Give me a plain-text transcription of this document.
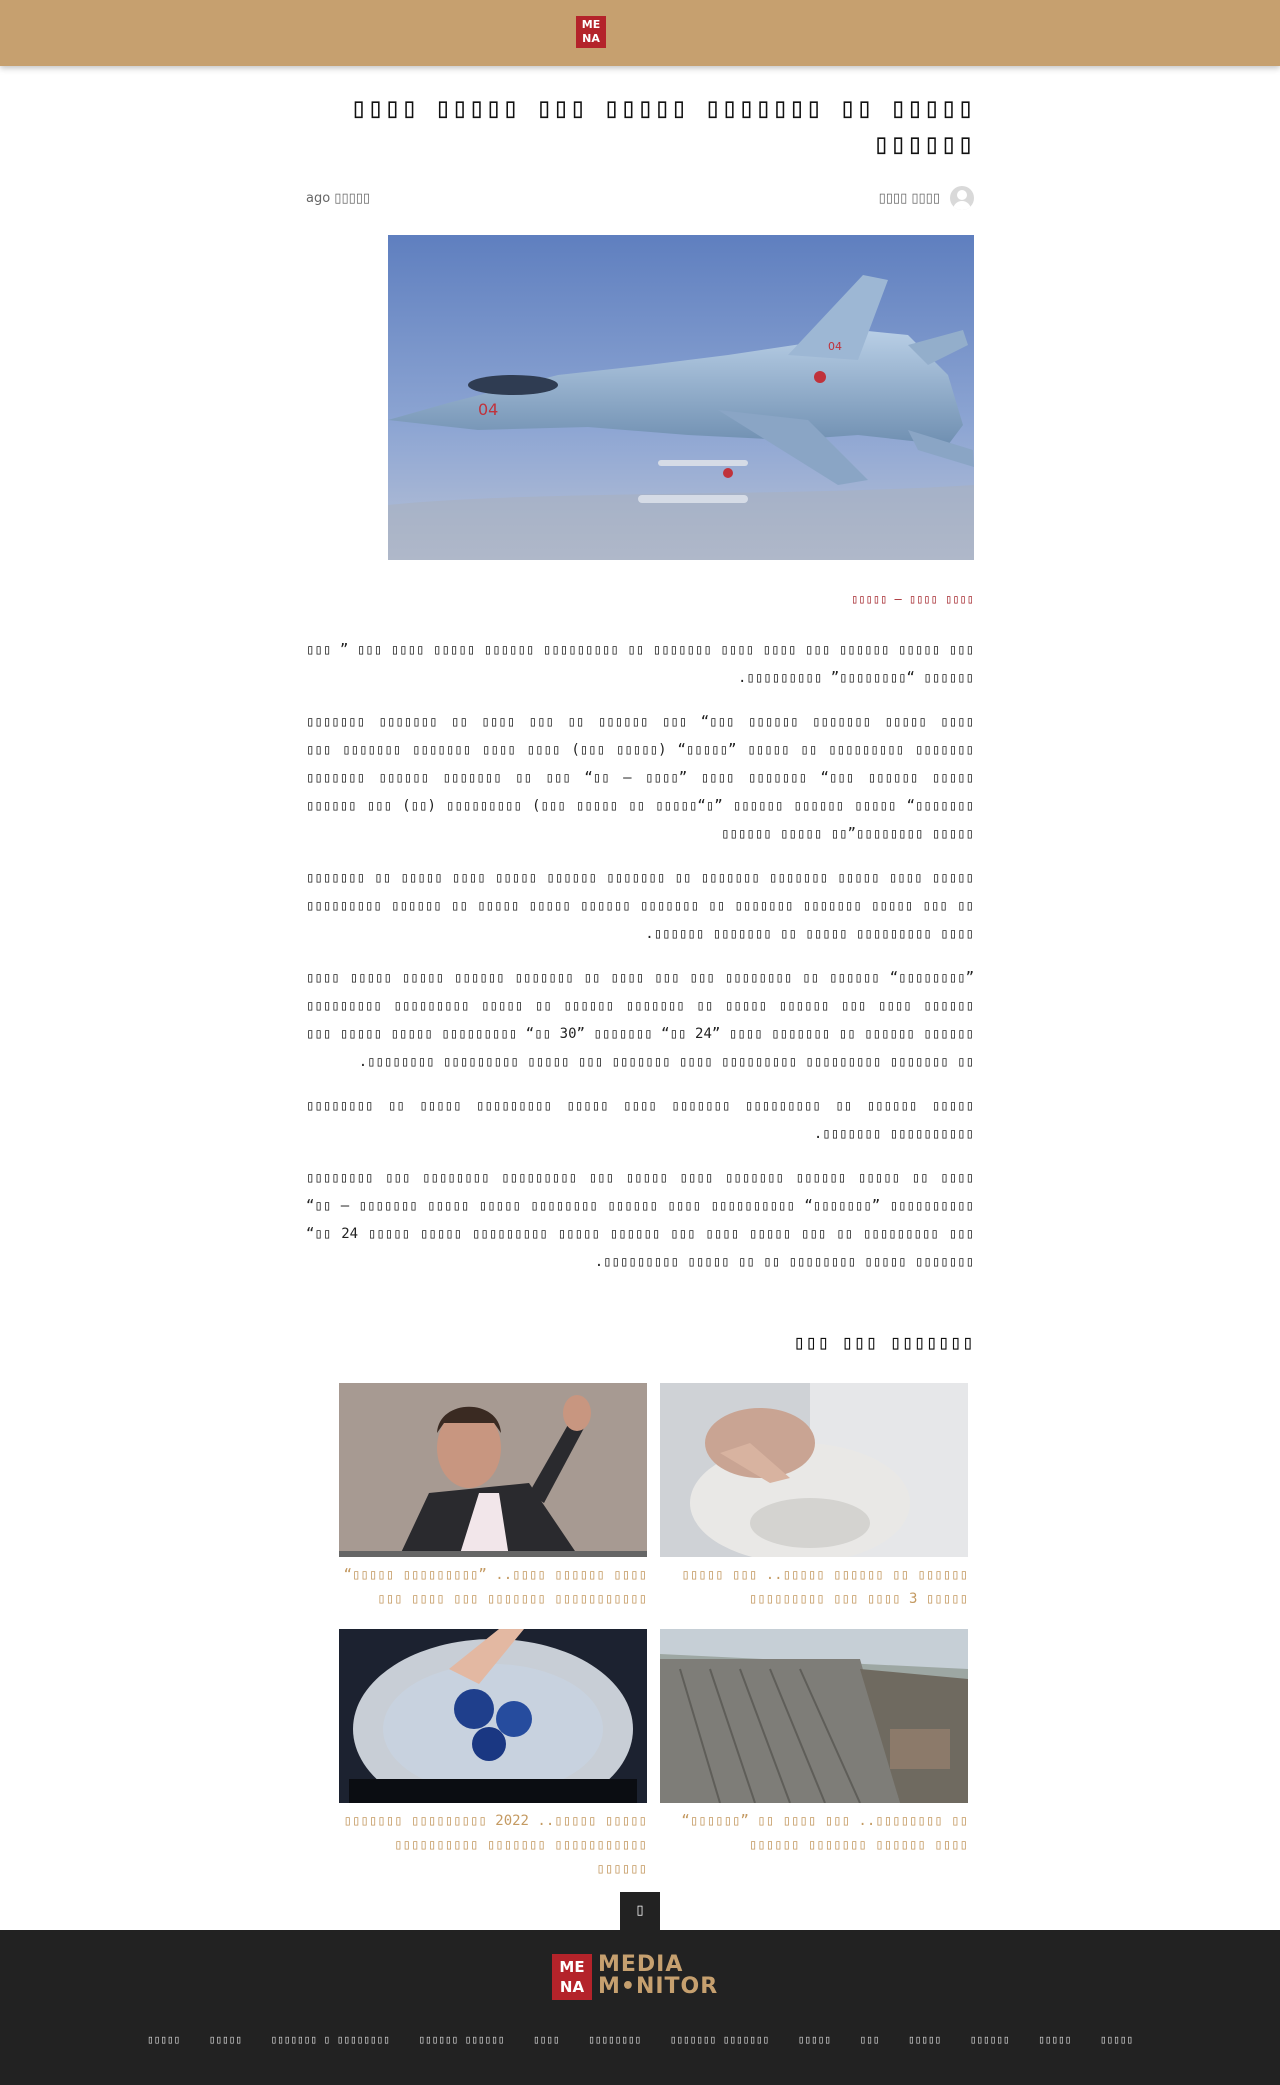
ME NA
▯▯▯▯▯ ▯▯ ▯▯▯▯▯▯▯ ▯▯▯▯▯ ▯▯▯ ▯▯▯▯▯ ▯▯▯▯ ▯▯▯▯▯▯
ago ▯▯▯▯▯	▯▯▯▯ ▯▯▯▯
04
04
▯▯▯▯▯ – ▯▯▯▯ ▯▯▯▯

▯▯▯ ▯▯▯▯▯ ▯▯▯▯▯▯ ▯▯▯ ▯▯▯▯ ▯▯▯▯ ▯▯▯▯▯▯▯ ▯▯ ▯▯▯▯▯▯▯▯▯ ▯▯▯▯▯▯ ▯▯▯▯▯ ▯▯▯▯ ▯▯▯ ” ▯▯▯ ▯▯▯▯▯▯ “▯▯▯▯▯▯▯▯” ▯▯▯▯▯▯▯▯▯.

▯▯▯▯ ▯▯▯▯▯ ▯▯▯▯▯▯▯ ▯▯▯▯▯▯ ▯▯▯“ ▯▯▯ ▯▯▯▯▯▯ ▯▯ ▯▯▯ ▯▯▯▯ ▯▯ ▯▯▯▯▯▯▯ ▯▯▯▯▯▯▯ ▯▯▯▯▯▯▯ ▯▯▯▯▯▯▯▯▯ ▯▯ ▯▯▯▯▯ ”▯▯▯▯▯“ (▯▯▯▯▯ ▯▯▯) ▯▯▯▯ ▯▯▯▯ ▯▯▯▯▯▯▯ ▯▯▯▯▯▯▯ ▯▯▯ ▯▯▯▯▯ ▯▯▯▯▯▯ ▯▯▯“ ▯▯▯▯▯▯▯ ▯▯▯▯ ”▯▯▯▯ – ▯▯“ ▯▯▯ ▯▯ ▯▯▯▯▯▯▯ ▯▯▯▯▯▯ ▯▯▯▯▯▯▯ ▯▯▯▯▯▯▯“ ▯▯▯▯▯ ▯▯▯▯▯▯ ▯▯▯▯▯▯ ”▯“▯▯▯▯▯ ▯▯ ▯▯▯▯▯ ▯▯▯) ▯▯▯▯▯▯▯▯▯ (▯▯) ▯▯▯ ▯▯▯▯▯▯ ▯▯▯▯▯ ▯▯▯▯▯▯▯▯”▯▯ ▯▯▯▯▯ ▯▯▯▯▯▯

▯▯▯▯▯ ▯▯▯▯ ▯▯▯▯▯ ▯▯▯▯▯▯▯ ▯▯▯▯▯▯▯ ▯▯ ▯▯▯▯▯▯▯ ▯▯▯▯▯▯ ▯▯▯▯▯ ▯▯▯▯ ▯▯▯▯▯ ▯▯ ▯▯▯▯▯▯▯ ▯▯ ▯▯▯ ▯▯▯▯▯ ▯▯▯▯▯▯▯ ▯▯▯▯▯▯▯ ▯▯ ▯▯▯▯▯▯▯ ▯▯▯▯▯▯ ▯▯▯▯▯ ▯▯▯▯▯ ▯▯ ▯▯▯▯▯▯ ▯▯▯▯▯▯▯▯▯ ▯▯▯▯ ▯▯▯▯▯▯▯▯▯ ▯▯▯▯▯ ▯▯ ▯▯▯▯▯▯▯ ▯▯▯▯▯▯.

”▯▯▯▯▯▯▯▯“ ▯▯▯▯▯▯ ▯▯ ▯▯▯▯▯▯▯▯ ▯▯▯ ▯▯▯ ▯▯▯▯ ▯▯ ▯▯▯▯▯▯▯ ▯▯▯▯▯▯ ▯▯▯▯▯ ▯▯▯▯▯ ▯▯▯▯ ▯▯▯▯▯▯ ▯▯▯▯ ▯▯▯ ▯▯▯▯▯▯ ▯▯▯▯▯ ▯▯ ▯▯▯▯▯▯▯ ▯▯▯▯▯▯ ▯▯ ▯▯▯▯▯ ▯▯▯▯▯▯▯▯▯ ▯▯▯▯▯▯▯▯▯ ▯▯▯▯▯▯ ▯▯▯▯▯▯ ▯▯ ▯▯▯▯▯▯▯ ▯▯▯▯ ”24 ▯▯“ ▯▯▯▯▯▯▯ ”30 ▯▯“ ▯▯▯▯▯▯▯▯▯ ▯▯▯▯▯ ▯▯▯▯▯ ▯▯▯ ▯▯ ▯▯▯▯▯▯▯ ▯▯▯▯▯▯▯▯▯ ▯▯▯▯▯▯▯▯▯ ▯▯▯▯ ▯▯▯▯▯▯▯ ▯▯▯ ▯▯▯▯▯ ▯▯▯▯▯▯▯▯▯ ▯▯▯▯▯▯▯▯.

▯▯▯▯▯ ▯▯▯▯▯▯ ▯▯ ▯▯▯▯▯▯▯▯▯ ▯▯▯▯▯▯▯ ▯▯▯▯ ▯▯▯▯▯ ▯▯▯▯▯▯▯▯▯ ▯▯▯▯▯ ▯▯ ▯▯▯▯▯▯▯▯ ▯▯▯▯▯▯▯▯▯▯ ▯▯▯▯▯▯▯.

▯▯▯▯ ▯▯ ▯▯▯▯▯ ▯▯▯▯▯▯ ▯▯▯▯▯▯▯ ▯▯▯▯ ▯▯▯▯▯ ▯▯▯ ▯▯▯▯▯▯▯▯▯ ▯▯▯▯▯▯▯▯ ▯▯▯ ▯▯▯▯▯▯▯▯ ▯▯▯▯▯▯▯▯▯▯ ”▯▯▯▯▯▯▯“ ▯▯▯▯▯▯▯▯▯▯ ▯▯▯▯ ▯▯▯▯▯▯ ▯▯▯▯▯▯▯▯ ▯▯▯▯▯ ▯▯▯▯▯ ▯▯▯▯▯▯▯ – ▯▯“ ▯▯▯ ▯▯▯▯▯▯▯▯▯ ▯▯ ▯▯▯ ▯▯▯▯▯ ▯▯▯▯ ▯▯▯ ▯▯▯▯▯▯ ▯▯▯▯▯ ▯▯▯▯▯▯▯▯▯ ▯▯▯▯▯ ▯▯▯▯▯ 24 ▯▯“ ▯▯▯▯▯▯▯ ▯▯▯▯▯ ▯▯▯▯▯▯▯▯ ▯▯ ▯▯ ▯▯▯▯▯ ▯▯▯▯▯▯▯▯▯.

▯▯▯ ▯▯▯ ▯▯▯▯▯▯▯
▯▯▯▯▯▯ ▯▯ ▯▯▯▯▯▯ ▯▯▯▯▯.. ▯▯▯ ▯▯▯▯▯ ▯▯▯▯▯ 3 ▯▯▯▯ ▯▯▯ ▯▯▯▯▯▯▯▯▯
▯▯▯▯ ▯▯▯▯▯▯ ▯▯▯▯.. ”▯▯▯▯▯▯▯▯▯ ▯▯▯▯▯“ ▯▯▯▯▯▯▯▯▯▯▯ ▯▯▯▯▯▯▯ ▯▯▯ ▯▯▯▯ ▯▯▯
▯▯ ▯▯▯▯▯▯▯▯.. ▯▯▯ ▯▯▯▯ ▯▯ ”▯▯▯▯▯▯“ ▯▯▯▯ ▯▯▯▯▯▯ ▯▯▯▯▯▯▯ ▯▯▯▯▯▯
▯▯▯▯▯ ▯▯▯▯▯.. 2022 ▯▯▯▯▯▯▯▯▯ ▯▯▯▯▯▯▯ ▯▯▯▯▯▯▯▯▯▯▯ ▯▯▯▯▯▯▯ ▯▯▯▯▯▯▯▯▯▯ ▯▯▯▯▯▯
▯
ME NA
MEDIA
M•NITOR
▯▯▯▯▯	▯▯▯▯▯	▯▯▯▯▯▯▯ ▯ ▯▯▯▯▯▯▯▯	▯▯▯▯▯▯ ▯▯▯▯▯▯	▯▯▯▯	▯▯▯▯▯▯▯▯	▯▯▯▯▯▯▯ ▯▯▯▯▯▯▯	▯▯▯▯▯	▯▯▯	▯▯▯▯▯	▯▯▯▯▯▯	▯▯▯▯▯	▯▯▯▯▯
